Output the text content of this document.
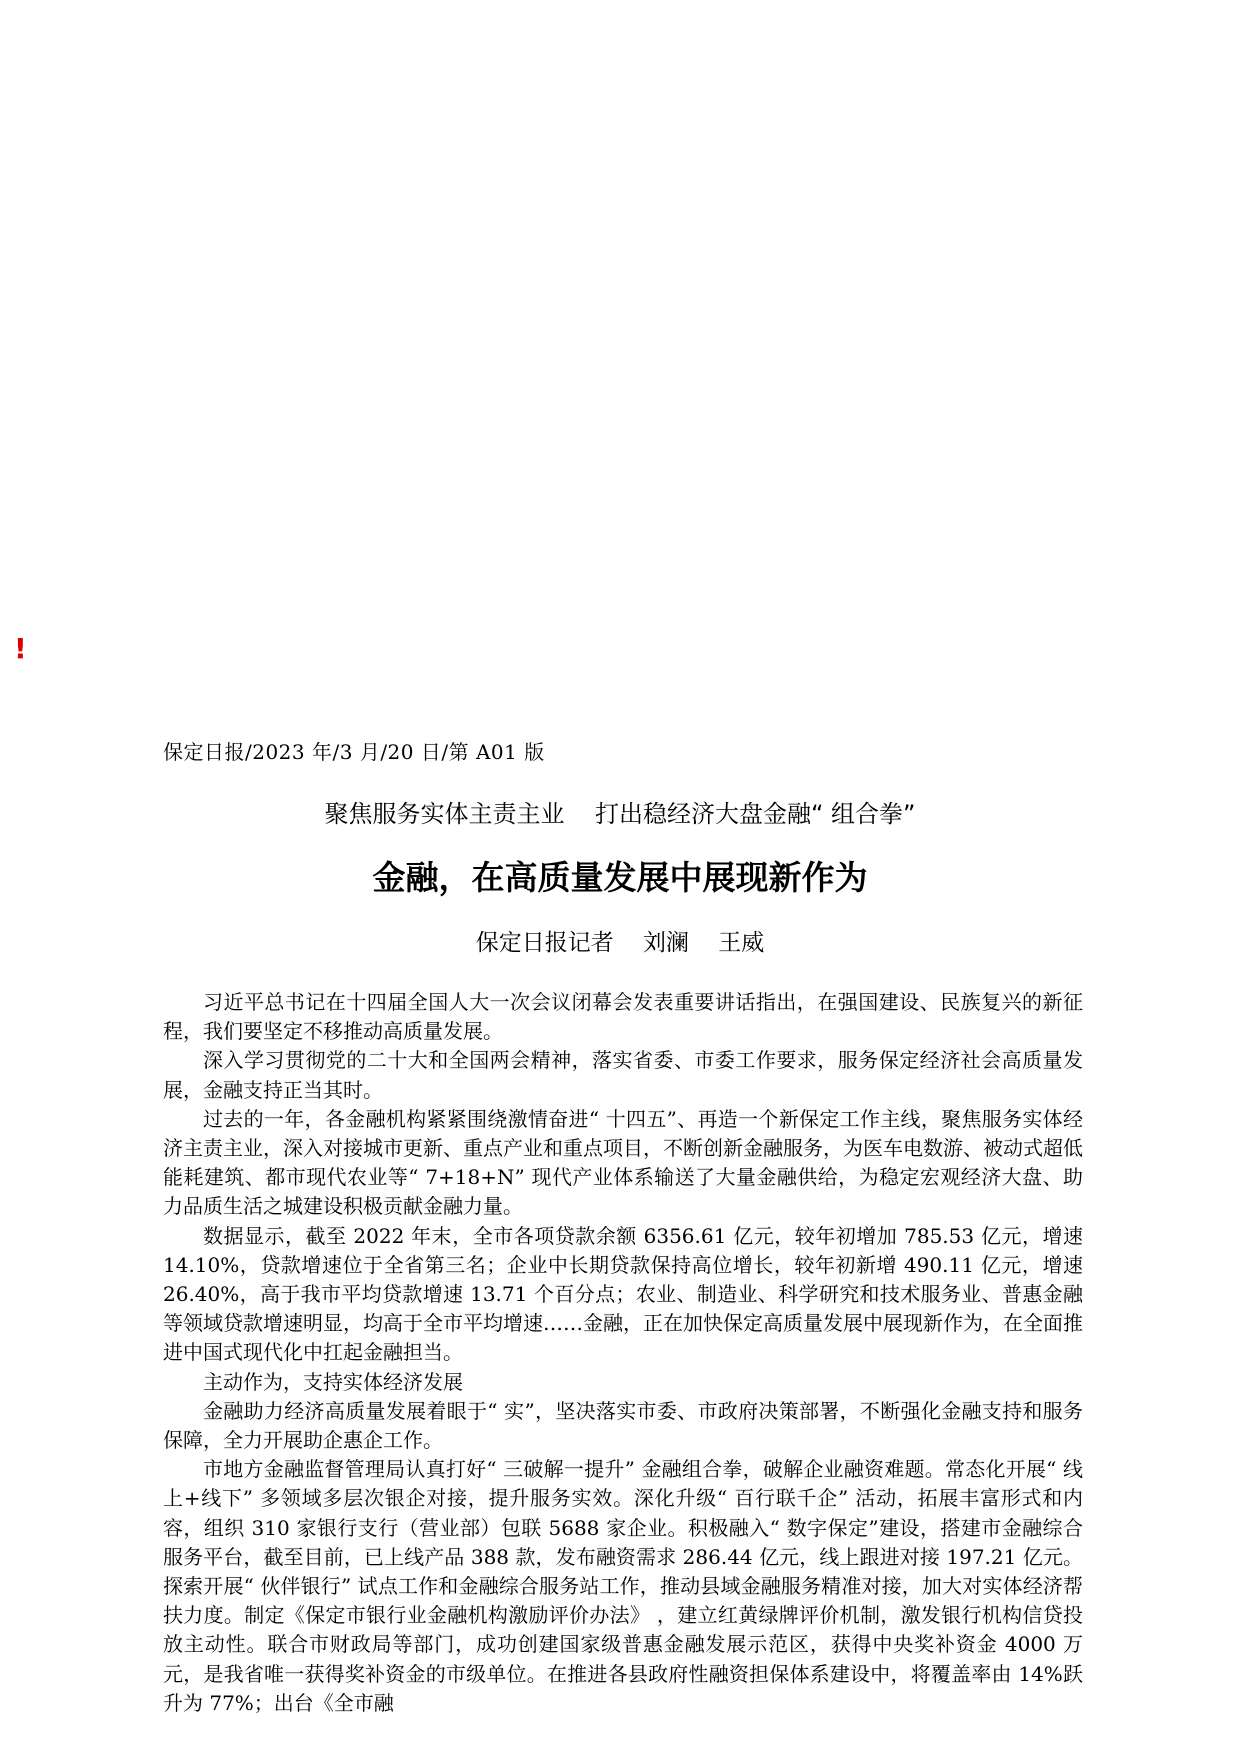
!
保定日报/2023 年/3 月/20 日/第 A01 版
聚焦服务实体主责主业    打出稳经济大盘金融“ 组合拳”
金融，在高质量发展中展现新作为
保定日报记者    刘澜    王威

习近平总书记在十四届全国人大一次会议闭幕会发表重要讲话指出，在强国建设、民族复兴的新征程，我们要坚定不移推动高质量发展。

深入学习贯彻党的二十大和全国两会精神，落实省委、市委工作要求，服务保定经济社会高质量发展，金融支持正当其时。

过去的一年，各金融机构紧紧围绕激情奋进“ 十四五”、再造一个新保定工作主线，聚焦服务实体经济主责主业，深入对接城市更新、重点产业和重点项目，不断创新金融服务，为医车电数游、被动式超低能耗建筑、都市现代农业等“ 7+18+N” 现代产业体系输送了大量金融供给，为稳定宏观经济大盘、助力品质生活之城建设积极贡献金融力量。

数据显示，截至 2022 年末，全市各项贷款余额 6356.61 亿元，较年初增加 785.53 亿元，增速 14.10%，贷款增速位于全省第三名；企业中长期贷款保持高位增长，较年初新增 490.11 亿元，增速 26.40%，高于我市平均贷款增速 13.71 个百分点；农业、制造业、科学研究和技术服务业、普惠金融等领域贷款增速明显，均高于全市平均增速……金融，正在加快保定高质量发展中展现新作为，在全面推进中国式现代化中扛起金融担当。

主动作为，支持实体经济发展

金融助力经济高质量发展着眼于“ 实”，坚决落实市委、市政府决策部署，不断强化金融支持和服务保障，全力开展助企惠企工作。

市地方金融监督管理局认真打好“ 三破解一提升” 金融组合拳，破解企业融资难题。常态化开展“ 线上+线下” 多领域多层次银企对接，提升服务实效。深化升级“ 百行联千企” 活动，拓展丰富形式和内容，组织 310 家银行支行（营业部）包联 5688 家企业。积极融入“ 数字保定”建设，搭建市金融综合服务平台，截至目前，已上线产品 388 款，发布融资需求 286.44 亿元，线上跟进对接 197.21 亿元。探索开展“ 伙伴银行” 试点工作和金融综合服务站工作，推动县域金融服务精准对接，加大对实体经济帮扶力度。制定《保定市银行业金融机构激励评价办法》 ，建立红黄绿牌评价机制，激发银行机构信贷投放主动性。联合市财政局等部门，成功创建国家级普惠金融发展示范区，获得中央奖补资金 4000 万元，是我省唯一获得奖补资金的市级单位。在推进各县政府性融资担保体系建设中，将覆盖率由 14%跃升为 77%；出台《全市融
